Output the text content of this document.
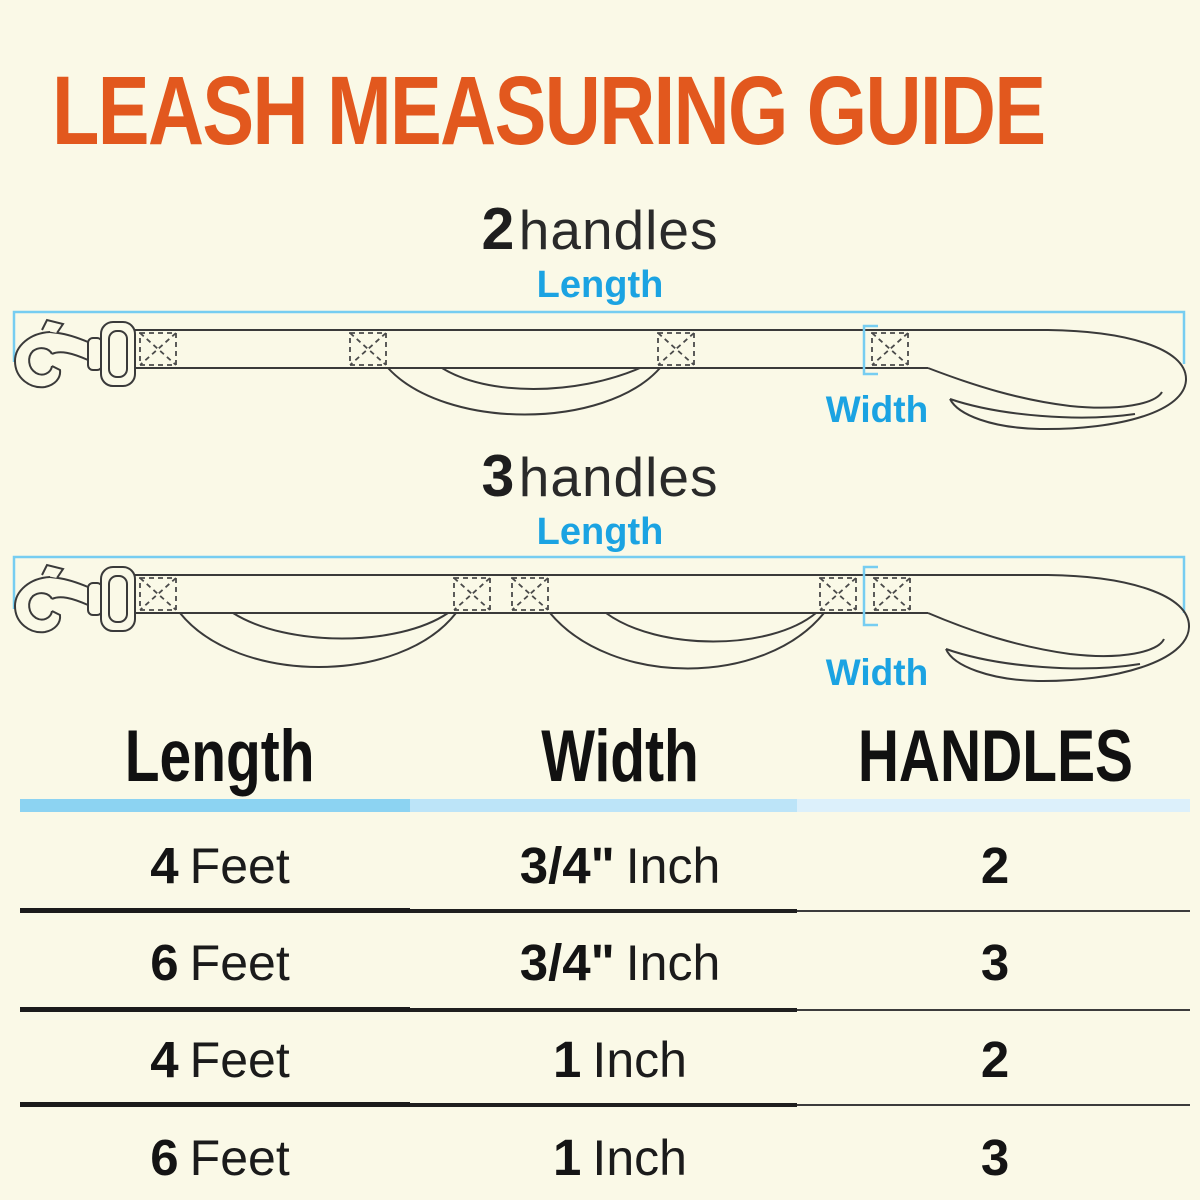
LEASH MEASURING GUIDE
2 handles
Length
Width
3 handles
Length
Width
Length	Width HANDLES
4 Feet	3/4" Inch	2
6 Feet	3/4" Inch	3
4 Feet	1 Inch	2
6 Feet	1 Inch	3
